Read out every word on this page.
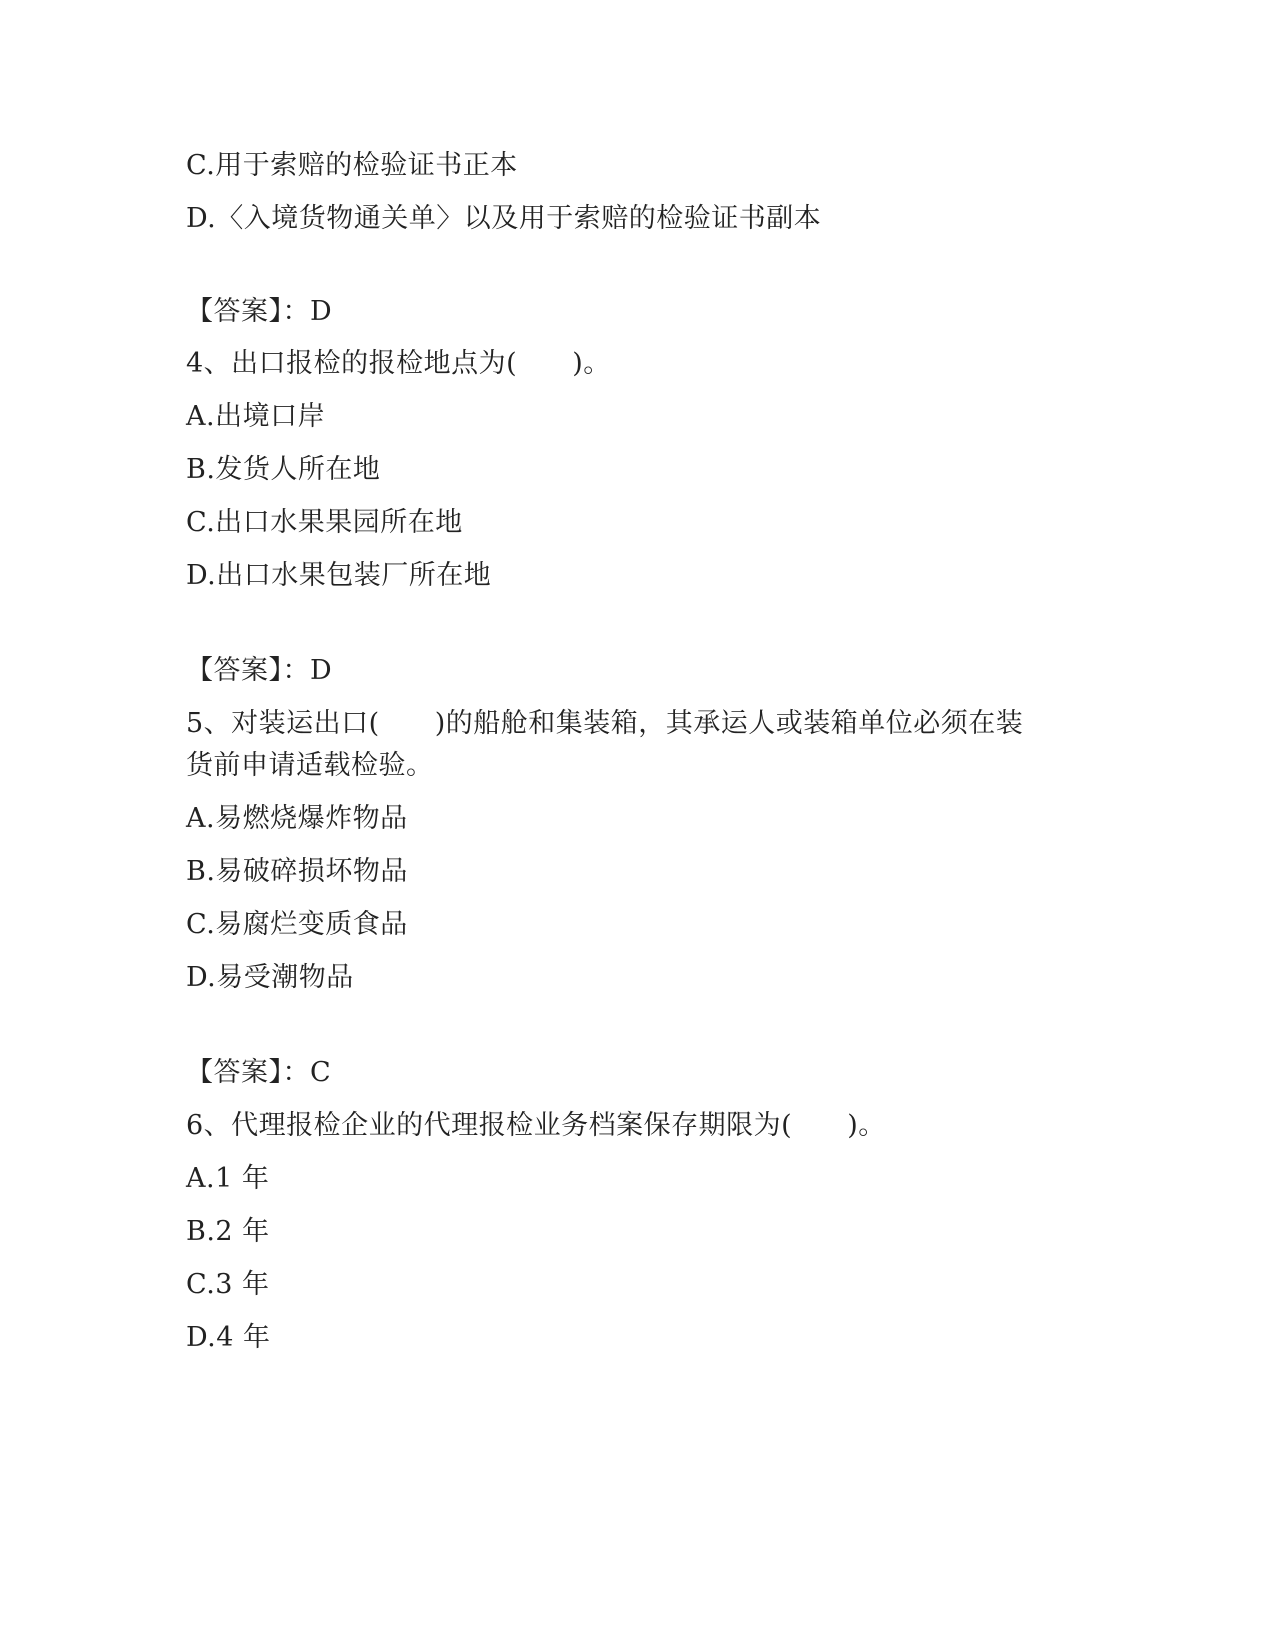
C.用于索赔的检验证书正本
D.〈入境货物通关单〉以及用于索赔的检验证书副本
【答案】：D
4、出口报检的报检地点为(　　)。
A.出境口岸
B.发货人所在地
C.出口水果果园所在地
D.出口水果包装厂所在地
【答案】：D
5、对装运出口(　　)的船舱和集装箱，其承运人或装箱单位必须在装
货前申请适载检验。
A.易燃烧爆炸物品
B.易破碎损坏物品
C.易腐烂变质食品
D.易受潮物品
【答案】：C
6、代理报检企业的代理报检业务档案保存期限为(　　)。
A.1 年
B.2 年
C.3 年
D.4 年
